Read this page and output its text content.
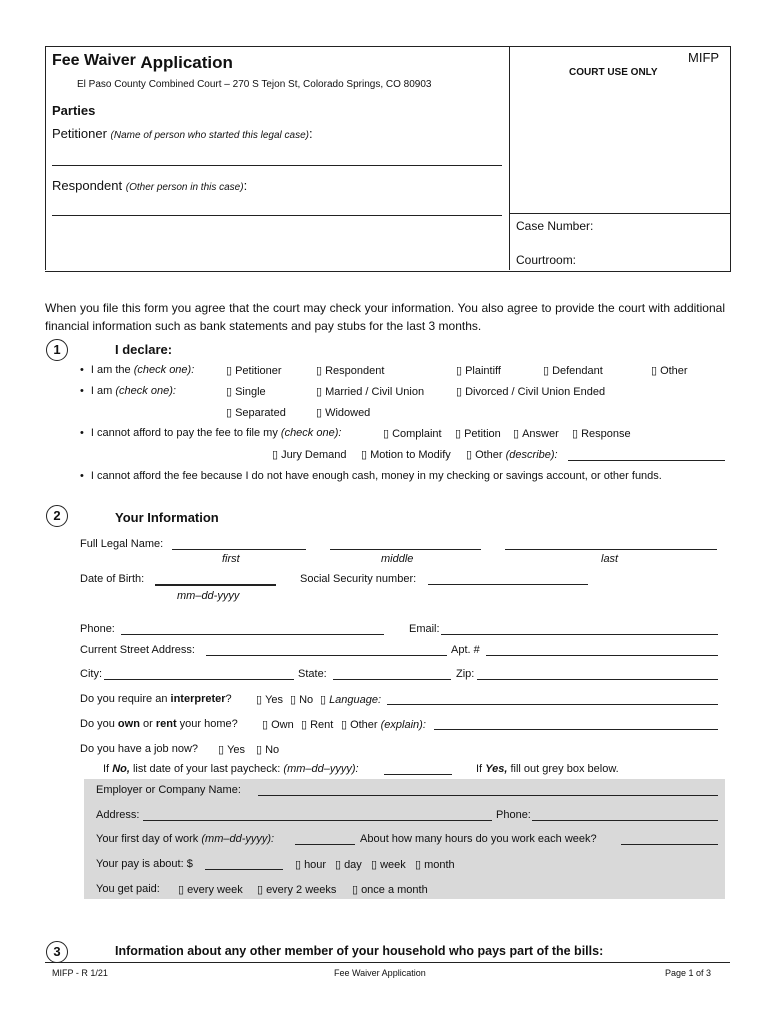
Fee Waiver Application
El Paso County Combined Court – 270 S Tejon St, Colorado Springs, CO 80903
MIFP
COURT USE ONLY
Parties
Petitioner (Name of person who started this legal case):
Respondent (Other person in this case):
Case Number:
Courtroom:
When you file this form you agree that the court may check your information. You also agree to provide the court with additional financial information such as bank statements and pay stubs for the last 3 months.
1	I declare:
• I am the (check one):	▯ Petitioner	▯ Respondent	▯ Plaintiff	▯ Defendant	▯ Other
• I am (check one):	▯ Single	▯ Married / Civil Union	▯ Divorced / Civil Union Ended
▯ Separated	▯ Widowed
• I cannot afford to pay the fee to file my (check one):	▯ Complaint ▯ Petition ▯ Answer ▯ Response
▯ Jury Demand ▯ Motion to Modify ▯ Other (describe):
• I cannot afford the fee because I do not have enough cash, money in my checking or savings account, or other funds.
2	Your Information
Full Legal Name:
first	middle	last
Date of Birth:
mm–dd-yyyy
Social Security number:
Phone:	Email:
Current Street Address:	Apt. #
City:	State:	Zip:
Do you require an interpreter? ▯ Yes ▯ No ▯ Language:
Do you own or rent your home? ▯ Own ▯ Rent ▯ Other (explain):
Do you have a job now? ▯ Yes ▯ No
If No, list date of your last paycheck: (mm–dd–yyyy):	If Yes, fill out grey box below.
Employer or Company Name:
Address:	Phone:
Your first day of work (mm–dd-yyyy):	About how many hours do you work each week?
Your pay is about: $	▯ hour ▯ day ▯ week ▯ month
You get paid: ▯ every week ▯ every 2 weeks ▯ once a month
3	Information about any other member of your household who pays part of the bills:
MIFP - R 1/21	Fee Waiver Application	Page 1 of 3
